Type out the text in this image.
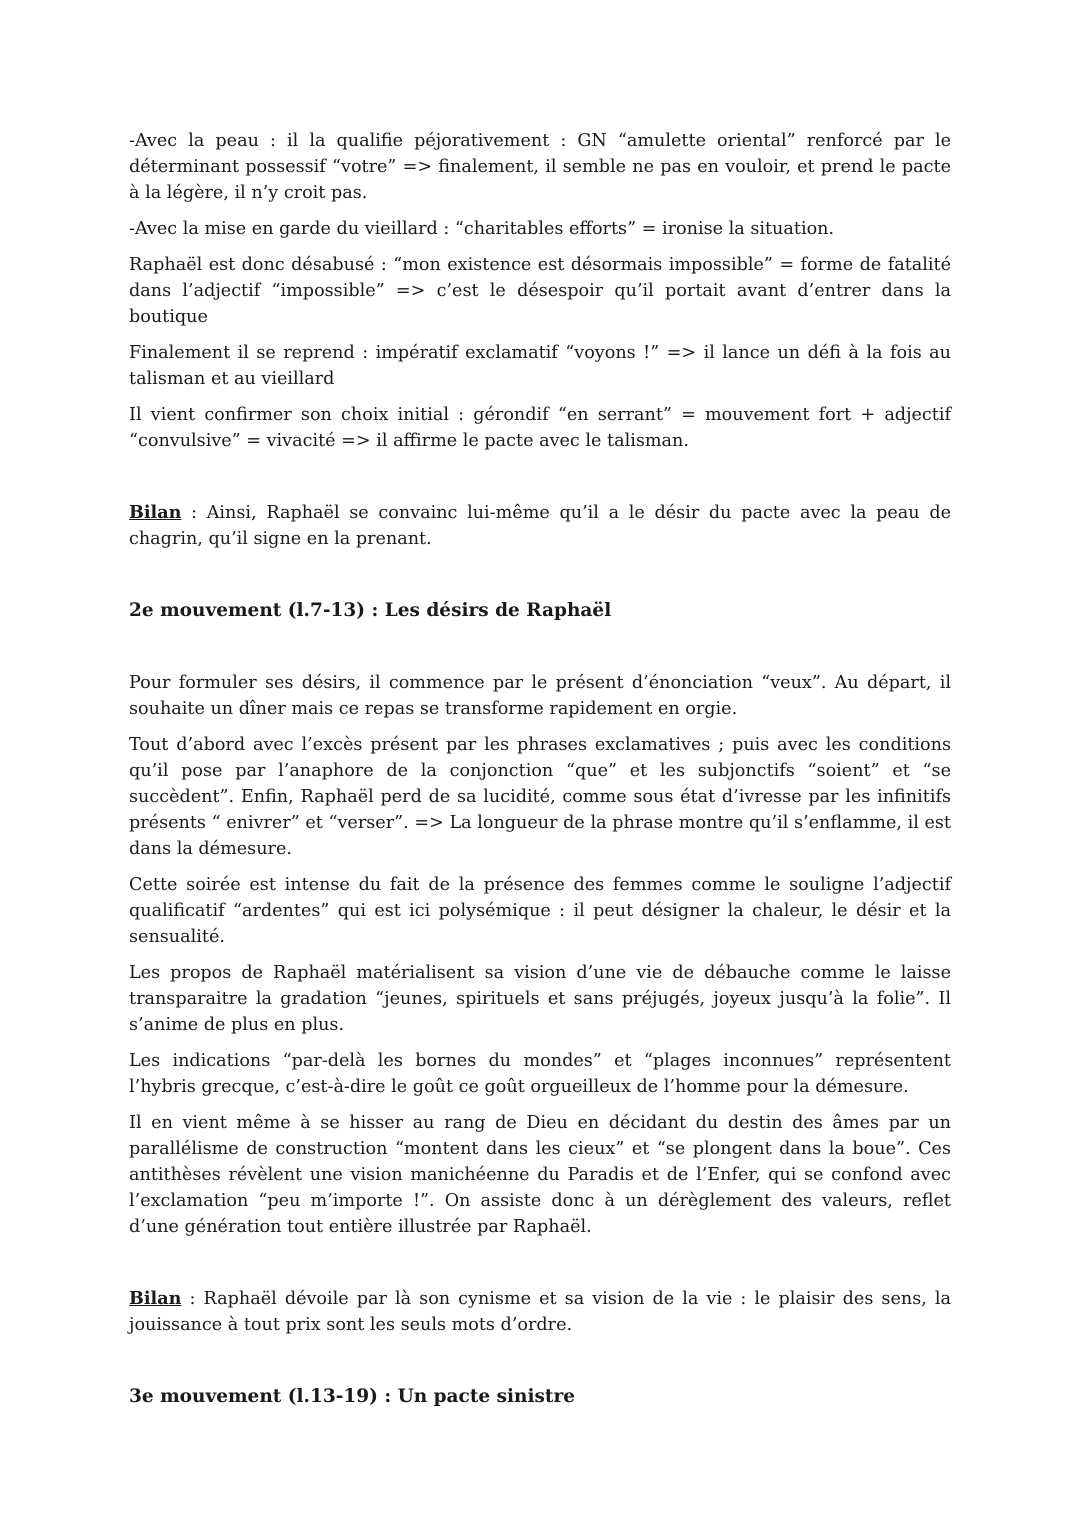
-Avec la peau : il la qualifie péjorativement : GN “amulette oriental” renforcé par le déterminant possessif “votre” => finalement, il semble ne pas en vouloir, et prend le pacte à la légère, il n’y croit pas.

-Avec la mise en garde du vieillard : “charitables efforts” = ironise la situation.

Raphaël est donc désabusé : “mon existence est désormais impossible” = forme de fatalité dans l’adjectif “impossible” => c’est le désespoir qu’il portait avant d’entrer dans la boutique

Finalement il se reprend : impératif exclamatif “voyons !” => il lance un défi à la fois au talisman et au vieillard

Il vient confirmer son choix initial : gérondif “en serrant” = mouvement fort + adjectif “convulsive” = vivacité => il affirme le pacte avec le talisman.

Bilan : Ainsi, Raphaël se convainc lui-même qu’il a le désir du pacte avec la peau de chagrin, qu’il signe en la prenant.

2e mouvement (l.7-13) : Les désirs de Raphaël

Pour formuler ses désirs, il commence par le présent d’énonciation “veux”. Au départ, il souhaite un dîner mais ce repas se transforme rapidement en orgie.

Tout d’abord avec l’excès présent par les phrases exclamatives ; puis avec les conditions qu’il pose par l’anaphore de la conjonction “que” et les subjonctifs “soient” et “se succèdent”. Enfin, Raphaël perd de sa lucidité, comme sous état d’ivresse par les infinitifs présents “ enivrer” et “verser”. => La longueur de la phrase montre qu’il s’enflamme, il est dans la démesure.

Cette soirée est intense du fait de la présence des femmes comme le souligne l’adjectif qualificatif “ardentes” qui est ici polysémique : il peut désigner la chaleur, le désir et la sensualité.

Les propos de Raphaël matérialisent sa vision d’une vie de débauche comme le laisse transparaitre la gradation “jeunes, spirituels et sans préjugés, joyeux jusqu’à la folie”. Il s’anime de plus en plus.

Les indications “par-delà les bornes du mondes” et “plages inconnues” représentent l’hybris grecque, c’est-à-dire le goût ce goût orgueilleux de l’homme pour la démesure.

Il en vient même à se hisser au rang de Dieu en décidant du destin des âmes par un parallélisme de construction “montent dans les cieux” et “se plongent dans la boue”. Ces antithèses révèlent une vision manichéenne du Paradis et de l’Enfer, qui se confond avec l’exclamation “peu m’importe !”. On assiste donc à un dérèglement des valeurs, reflet d’une génération tout entière illustrée par Raphaël.

Bilan : Raphaël dévoile par là son cynisme et sa vision de la vie : le plaisir des sens, la jouissance à tout prix sont les seuls mots d’ordre.

3e mouvement (l.13-19) : Un pacte sinistre
